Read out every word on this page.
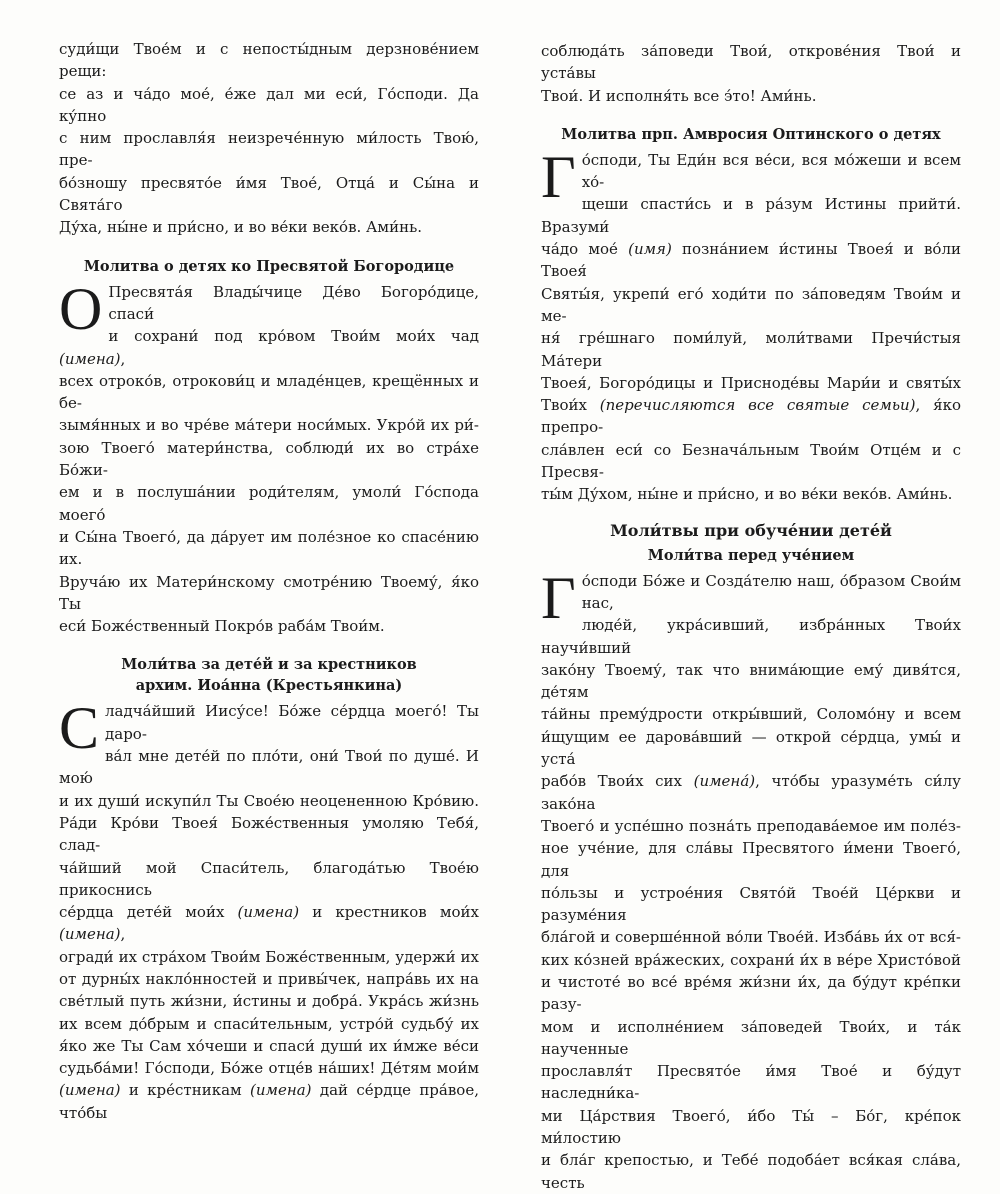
суди́щи Твое́м и с непосты́дным дерзнове́нием рещи:
се аз и ча́до мое́, е́же дал ми еси́, Го́споди. Да ку́пно
с ним прославля́я неизрече́нную ми́лость Твою́, пре-
бо́зношу пресвято́е и́мя Твое́, Отца́ и Сы́на и Свята́го
Ду́ха, ны́не и при́сно, и во ве́ки веко́в. Ами́нь.
Молитва о детях ко Пресвятой Богородице
О Пресвята́я Влады́чице Де́во Богоро́дице, спаси́
и сохрани́ под кро́вом Твои́м мои́х чад (имена),
всех отроко́в, отрокови́ц и младе́нцев, крещённых и бе-
зымя́нных и во чре́ве ма́тери носи́мых. Укро́й их ри́-
зою Твоего́ матери́нства, соблюди́ их во стра́хе Бо́жи-
ем и в послуша́нии роди́телям, умоли́ Го́спода моего́
и Сы́на Твоего́, да да́рует им поле́зное ко спасе́нию их.
Вруча́ю их Матери́нскому смотре́нию Твоему́, я́ко Ты
еси́ Боже́ственный Покро́в раба́м Твои́м.
Моли́тва за дете́й и за крестников
архим. Иоа́нна (Крестьянкина)
С ладча́йший Иису́се! Бо́же се́рдца моего́! Ты даро-
ва́л мне дете́й по пло́ти, они́ Твои́ по душе́. И мою́
и их души́ искупи́л Ты Свое́ю неоцененною Кро́вию.
Ра́ди Кро́ви Твоея́ Боже́ственныя умоляю Тебя́, слад-
ча́йший мой Спаси́тель, благода́тью Твое́ю прикоснись
се́рдца дете́й мои́х (имена) и крестников мои́х (имена),
огради́ их стра́хом Твои́м Боже́ственным, удержи́ их
от дурны́х накло́нностей и привы́чек, напра́вь их на
све́тлый путь жи́зни, и́стины и добра́. Укра́сь жи́знь
их всем до́брым и спаси́тельным, устро́й судьбу́ их
я́ко же Ты Сам хо́чеши и спаси́ души́ их и́мже ве́си
судьба́ми! Го́споди, Бо́же отце́в на́ших! Де́тям мои́м
(имена) и кре́стникам (имена) дай се́рдце пра́вое, что́бы
соблюда́ть за́поведи Твои́, открове́ния Твои́ и уста́вы
Твои́. И исполня́ть все э́то! Ами́нь.
Молитва прп. Амвросия Оптинского о детях
Г о́споди, Ты Еди́н вся ве́си, вся мо́жеши и всем хо́-
щеши спасти́сь и в ра́зум Истины прийти́. Вразуми́
ча́до мое́ (имя) позна́нием и́стины Твоея́ и во́ли Твоея́
Святы́я, укрепи́ его́ ходи́ти по за́поведям Твои́м и ме-
ня́ гре́шнаго поми́луй, моли́твами Пречи́стыя Ма́тери
Твоея́, Богоро́дицы и Присноде́вы Мари́и и святы́х
Твои́х (перечисляются все святые семьи), я́ко препро-
сла́влен еси́ со Безнача́льным Твои́м Отце́м и с Пресвя-
ты́м Ду́хом, ны́не и при́сно, и во ве́ки веко́в. Ами́нь.
Моли́твы при обуче́нии дете́й
Моли́тва перед уче́нием
Г о́споди Бо́же и Созда́телю наш, о́бразом Свои́м нас,
люде́й, укра́сивший, избра́нных Твои́х научи́вший
зако́ну Твоему́, так что внима́ющие ему́ дивя́тся, де́тям
та́йны прему́дрости откры́вший, Соломо́ну и всем
и́щущим ее дарова́вший — открой се́рдца, умы́ и уста́
рабо́в Твои́х сих (имена́), что́бы уразуме́ть си́лу зако́на
Твоего́ и успе́шно позна́ть преподава́емое им поле́з-
ное уче́ние, для сла́вы Пресвятого и́мени Твоего́, для
по́льзы и устрое́ния Свято́й Твое́й Це́ркви и разуме́ния
бла́гой и соверше́нной во́ли Твое́й. Изба́вь и́х от вся́-
ких ко́зней вра́жеских, сохрани́ и́х в ве́ре Христо́вой
и чистоте́ во все́ вре́мя жи́зни и́х, да бу́дут кре́пки разу-
мом и исполне́нием за́поведей Твои́х, и та́к наученные
прославля́т Пресвято́е и́мя Твое́ и бу́дут наследни́ка-
ми Ца́рствия Твоего́, и́бо Ты́ – Бо́г, кре́пок ми́лостию
и бла́г крепостью, и Тебе́ подоба́ет вся́кая сла́ва, честь
